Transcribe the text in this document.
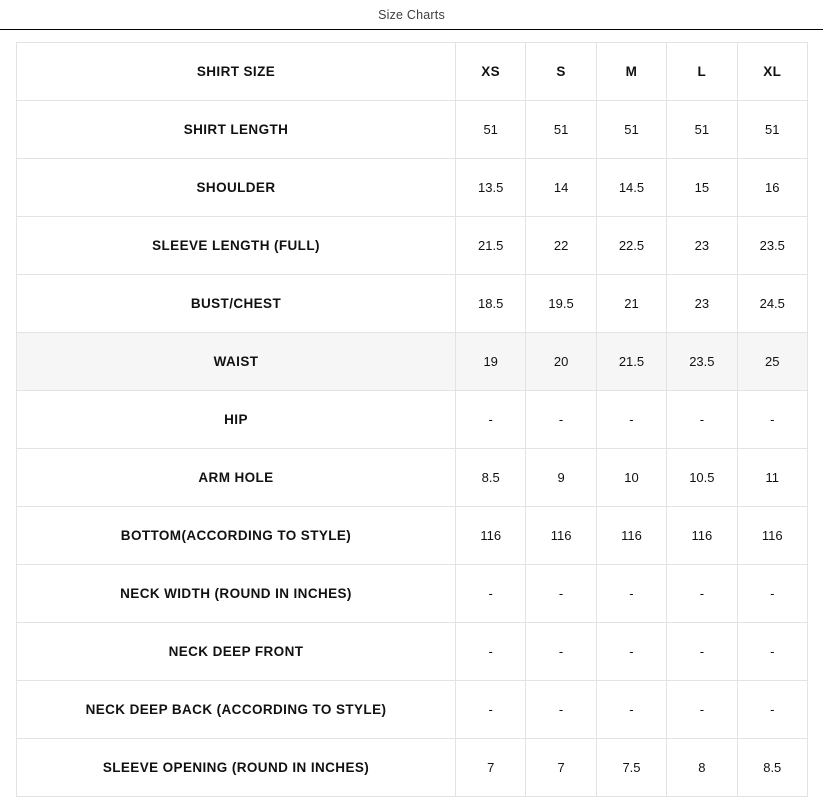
Size Charts
SHIRT SIZE	XS	S	M	L	XL
SHIRT LENGTH	51	51	51	51	51
SHOULDER	13.5	14	14.5	15	16
SLEEVE LENGTH (FULL)	21.5	22	22.5	23	23.5
BUST/CHEST	18.5	19.5	21	23	24.5
WAIST	19	20	21.5	23.5	25
HIP	-	-	-	-	-
ARM HOLE	8.5	9	10	10.5	11
BOTTOM(ACCORDING TO STYLE)	116	116	116	116	116
NECK WIDTH (ROUND IN INCHES)	-	-	-	-	-
NECK DEEP FRONT	-	-	-	-	-
NECK DEEP BACK (ACCORDING TO STYLE)	-	-	-	-	-
SLEEVE OPENING (ROUND IN INCHES)	7	7	7.5	8	8.5
